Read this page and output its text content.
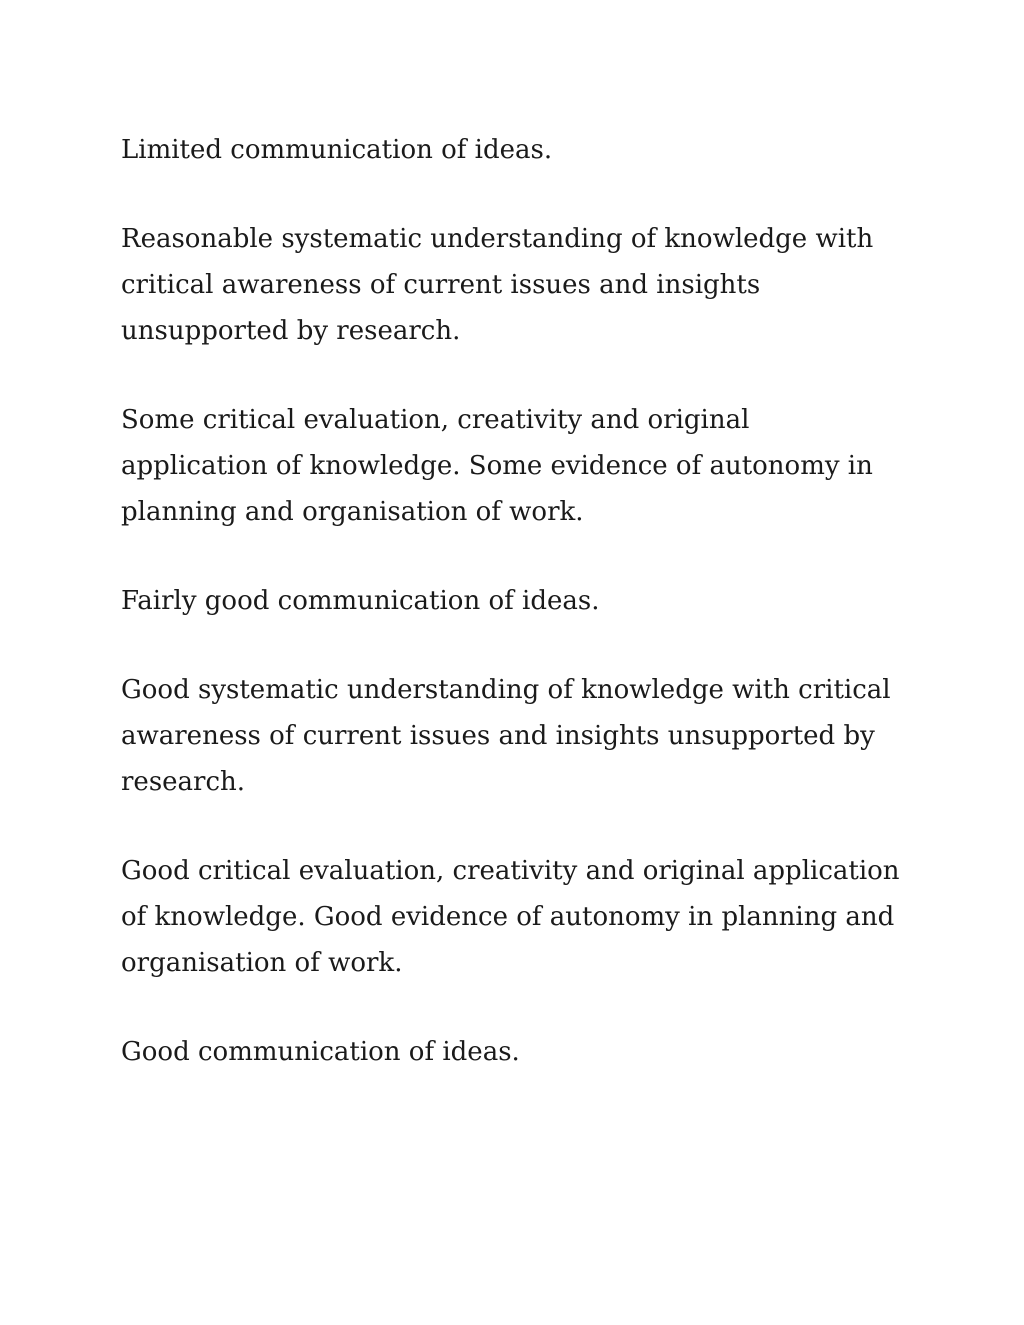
Limited communication of ideas.

Reasonable systematic understanding of knowledge with critical awareness of current issues and insights unsupported by research.

Some critical evaluation, creativity and original application of knowledge. Some evidence of autonomy in planning and organisation of work.

Fairly good communication of ideas.

Good systematic understanding of knowledge with critical awareness of current issues and insights unsupported by research.

Good critical evaluation, creativity and original application of knowledge. Good evidence of autonomy in planning and organisation of work.

Good communication of ideas.
